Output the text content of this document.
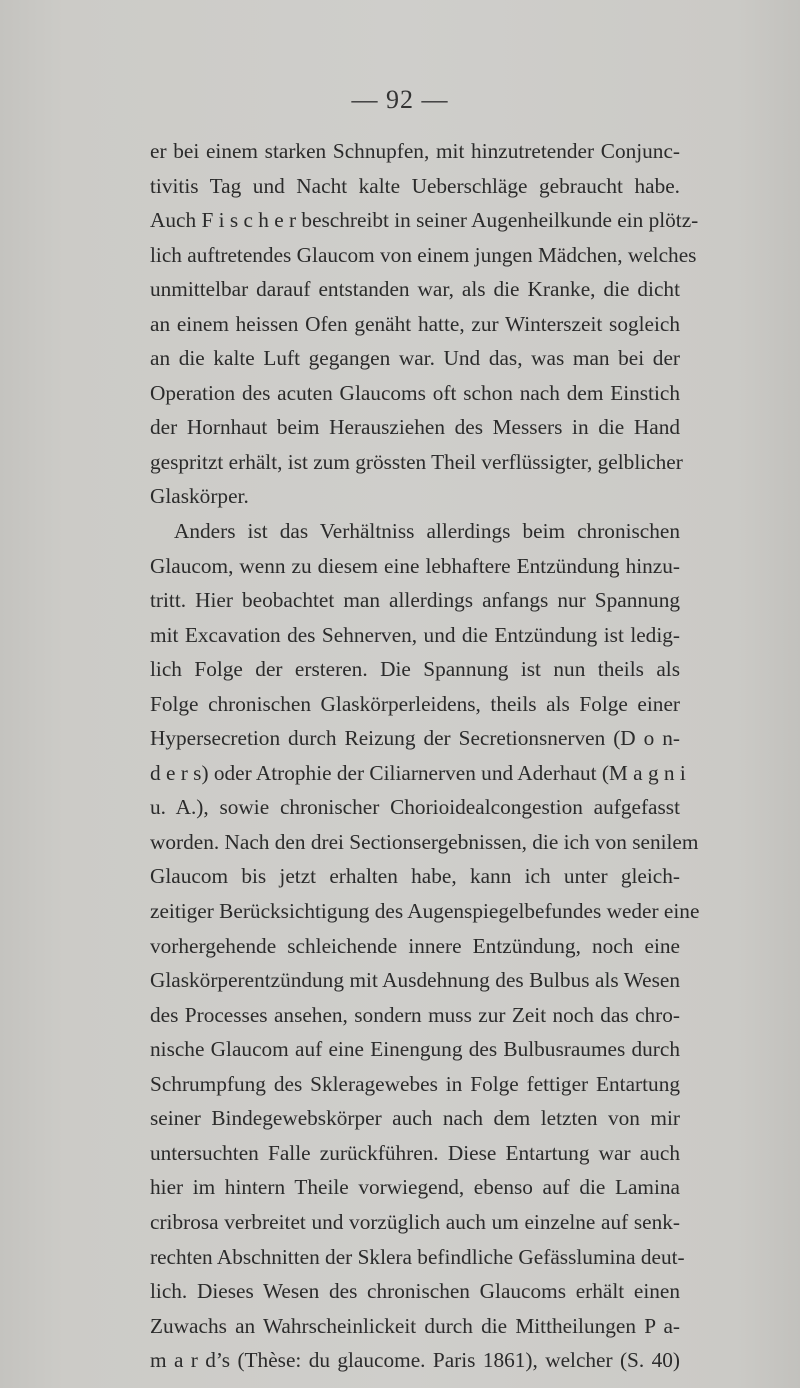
— 92 —
er bei einem starken Schnupfen, mit hinzutretender Conjunc-
tivitis Tag und Nacht kalte Ueberschläge gebraucht habe.
Auch F i s c h e r beschreibt in seiner Augenheilkunde ein plötz-
lich auftretendes Glaucom von einem jungen Mädchen, welches
unmittelbar darauf entstanden war, als die Kranke, die dicht
an einem heissen Ofen genäht hatte, zur Winterszeit sogleich
an die kalte Luft gegangen war. Und das, was man bei der
Operation des acuten Glaucoms oft schon nach dem Einstich
der Hornhaut beim Herausziehen des Messers in die Hand
gespritzt erhält, ist zum grössten Theil verflüssigter, gelblicher
Glaskörper.
Anders ist das Verhältniss allerdings beim chronischen
Glaucom, wenn zu diesem eine lebhaftere Entzündung hinzu-
tritt. Hier beobachtet man allerdings anfangs nur Spannung
mit Excavation des Sehnerven, und die Entzündung ist ledig-
lich Folge der ersteren. Die Spannung ist nun theils als
Folge chronischen Glaskörperleidens, theils als Folge einer
Hypersecretion durch Reizung der Secretionsnerven (D o n-
d e r s) oder Atrophie der Ciliarnerven und Aderhaut (M a g n i
u. A.), sowie chronischer Chorioidealcongestion aufgefasst
worden. Nach den drei Sectionsergebnissen, die ich von senilem
Glaucom bis jetzt erhalten habe, kann ich unter gleich-
zeitiger Berücksichtigung des Augenspiegelbefundes weder eine
vorhergehende schleichende innere Entzündung, noch eine
Glaskörperentzündung mit Ausdehnung des Bulbus als Wesen
des Processes ansehen, sondern muss zur Zeit noch das chro-
nische Glaucom auf eine Einengung des Bulbusraumes durch
Schrumpfung des Skleragewebes in Folge fettiger Entartung
seiner Bindegewebskörper auch nach dem letzten von mir
untersuchten Falle zurückführen. Diese Entartung war auch
hier im hintern Theile vorwiegend, ebenso auf die Lamina
cribrosa verbreitet und vorzüglich auch um einzelne auf senk-
rechten Abschnitten der Sklera befindliche Gefässlumina deut-
lich. Dieses Wesen des chronischen Glaucoms erhält einen
Zuwachs an Wahrscheinlickeit durch die Mittheilungen P a-
m a r d’s (Thèse: du glaucome. Paris 1861), welcher (S. 40)
